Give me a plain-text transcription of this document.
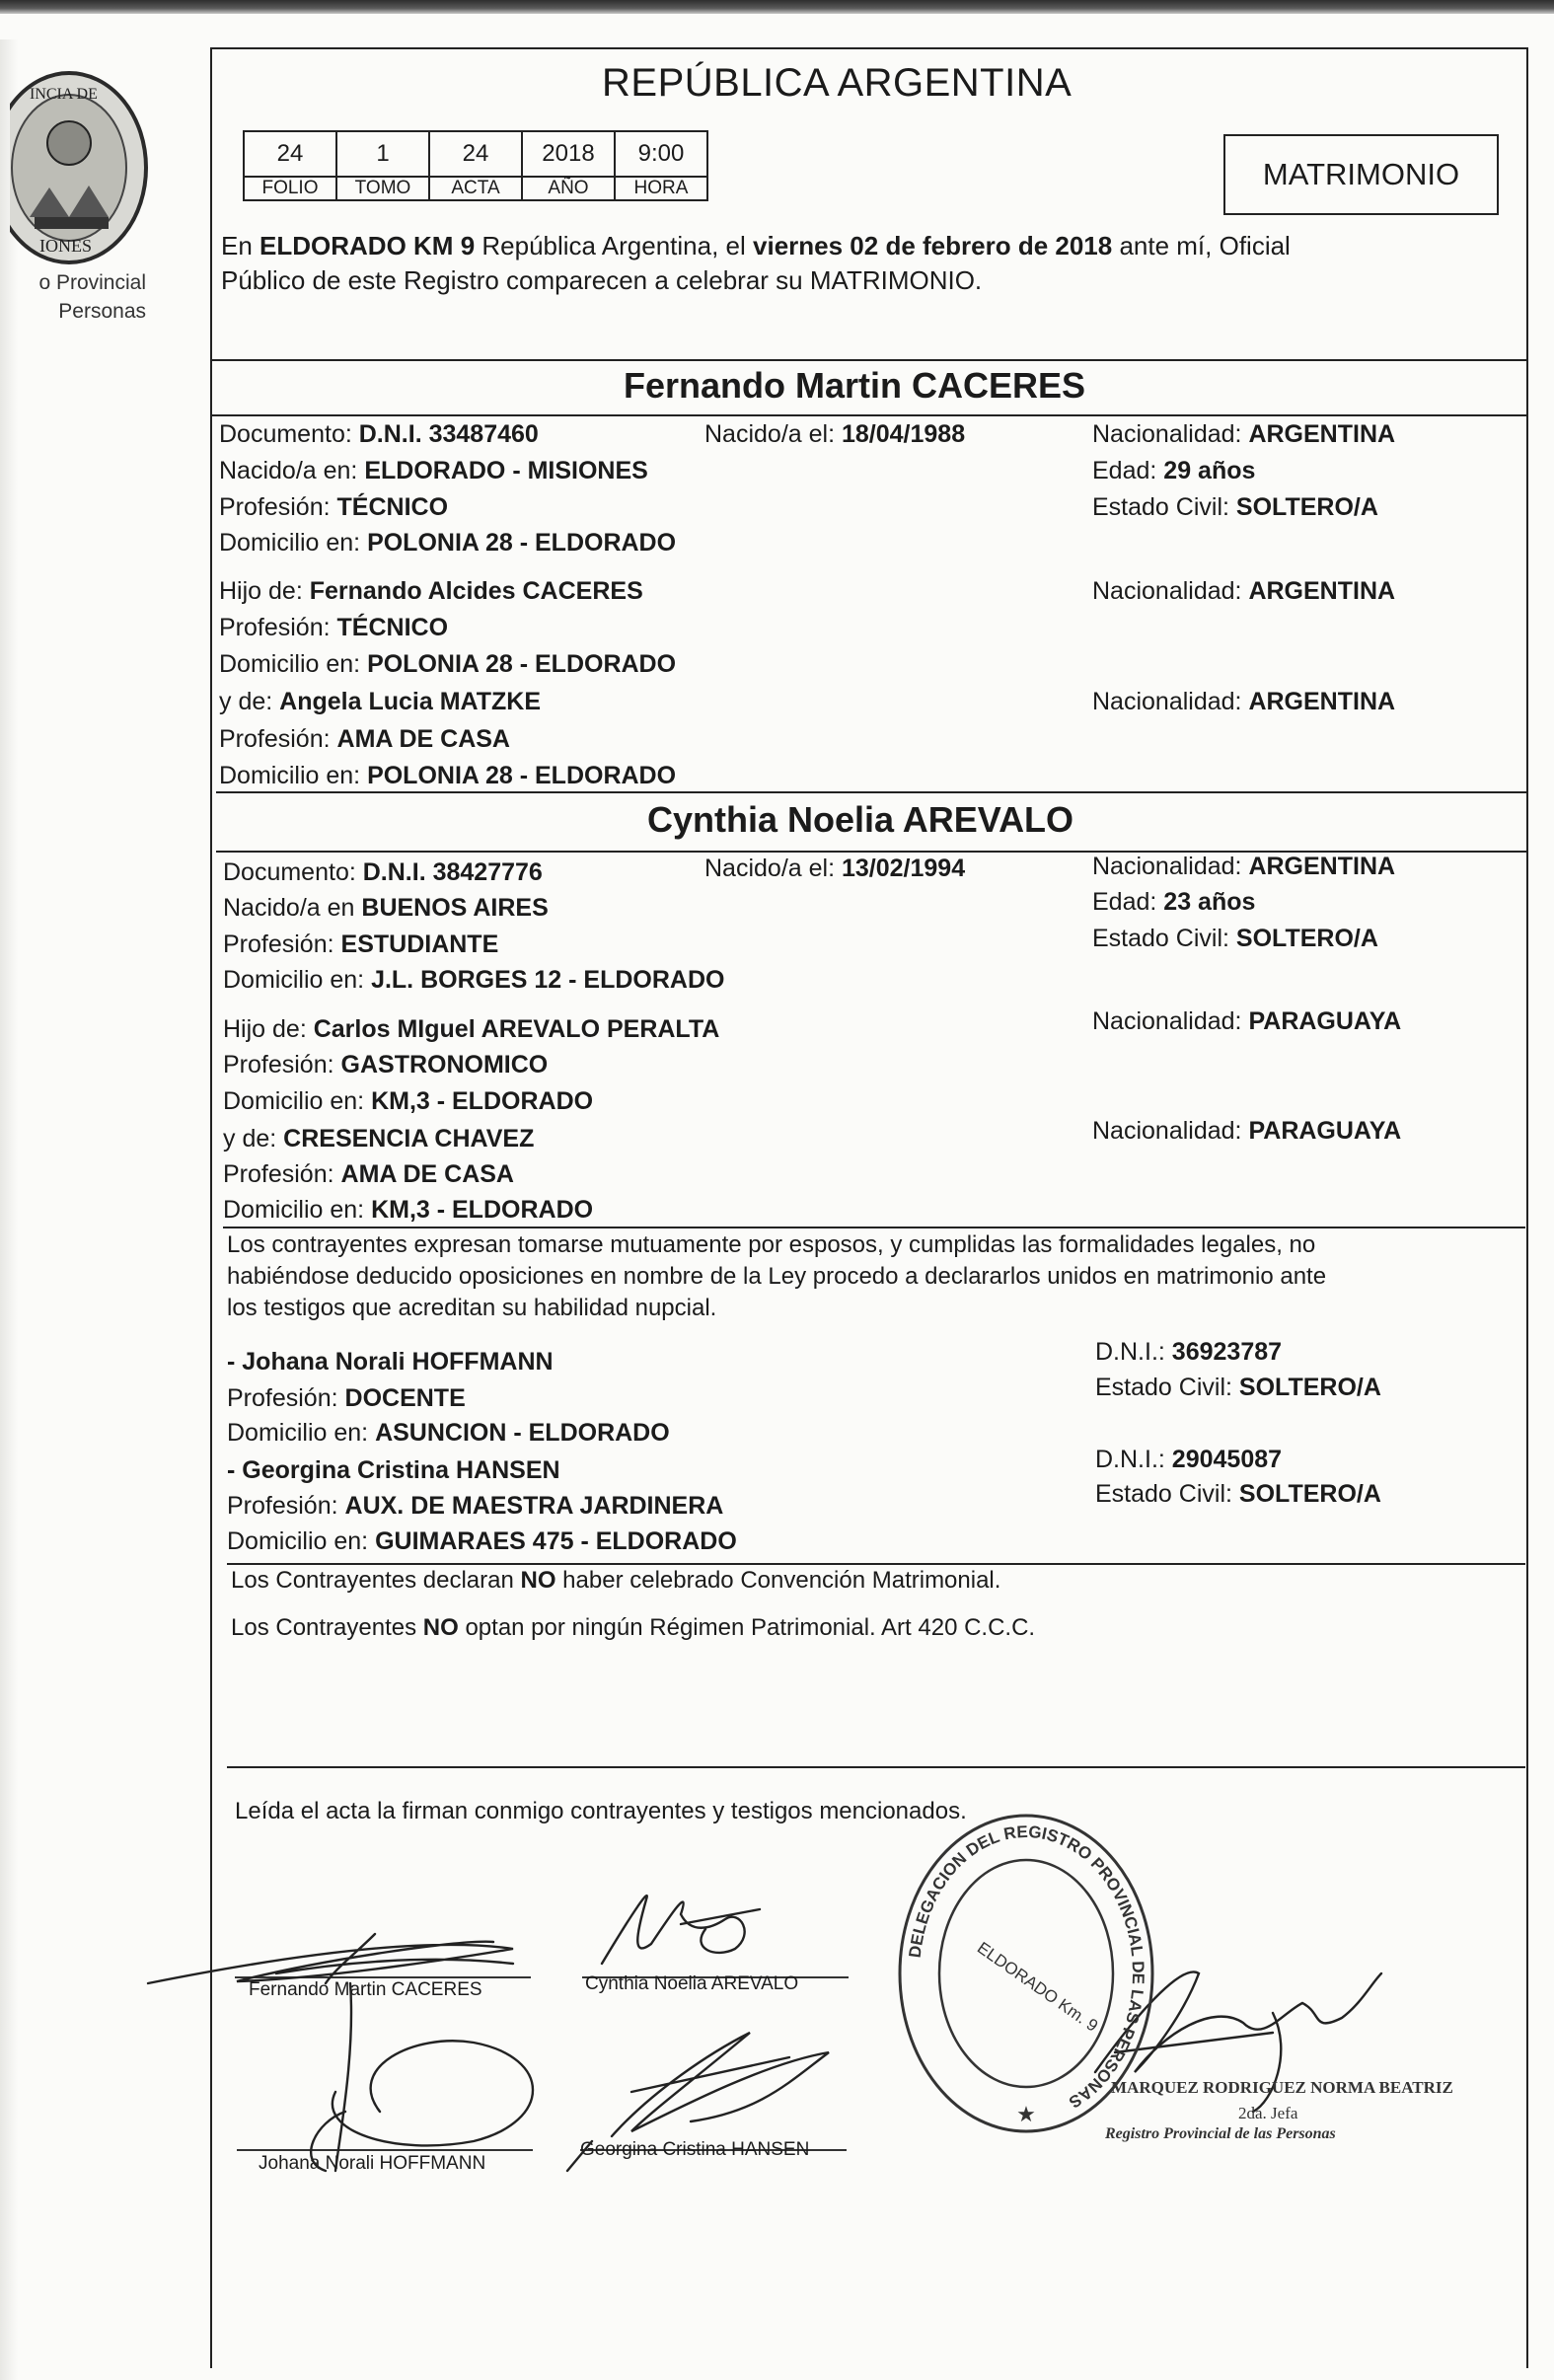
INCIA DE
IONES
o Provincial
Personas
REPÚBLICA ARGENTINA
24	1	24	2018	9:00
FOLIO	TOMO	ACTA	AÑO	HORA	MATRIMONIO
En ELDORADO KM 9 República Argentina, el viernes 02 de febrero de 2018 ante mí, Oficial
Público de este Registro comparecen a celebrar su MATRIMONIO.
Fernando Martin CACERES
Documento: D.N.I. 33487460	Nacido/a el: 18/04/1988	Nacionalidad: ARGENTINA
Nacido/a en: ELDORADO - MISIONES	Edad: 29 años
Profesión: TÉCNICO	Estado Civil: SOLTERO/A
Domicilio en: POLONIA 28 - ELDORADO
Hijo de: Fernando Alcides CACERES	Nacionalidad: ARGENTINA
Profesión: TÉCNICO
Domicilio en: POLONIA 28 - ELDORADO
y de: Angela Lucia MATZKE	Nacionalidad: ARGENTINA
Profesión: AMA DE CASA
Domicilio en: POLONIA 28 - ELDORADO
Cynthia Noelia AREVALO
Documento: D.N.I. 38427776	Nacido/a el: 13/02/1994	Nacionalidad: ARGENTINA
Nacido/a en BUENOS AIRES	Edad: 23 años
Profesión: ESTUDIANTE	Estado Civil: SOLTERO/A
Domicilio en: J.L. BORGES 12 - ELDORADO
Hijo de: Carlos MIguel AREVALO PERALTA	Nacionalidad: PARAGUAYA
Profesión: GASTRONOMICO
Domicilio en: KM,3 - ELDORADO
y de: CRESENCIA CHAVEZ	Nacionalidad: PARAGUAYA
Profesión: AMA DE CASA
Domicilio en: KM,3 - ELDORADO
Los contrayentes expresan tomarse mutuamente por esposos, y cumplidas las formalidades legales, no
habiéndose deducido oposiciones en nombre de la Ley procedo a declararlos unidos en matrimonio ante
los testigos que acreditan su habilidad nupcial.
- Johana Norali HOFFMANN	D.N.I.: 36923787
Profesión: DOCENTE	Estado Civil: SOLTERO/A
Domicilio en: ASUNCION - ELDORADO
- Georgina Cristina HANSEN	D.N.I.: 29045087
Profesión: AUX. DE MAESTRA JARDINERA	Estado Civil: SOLTERO/A
Domicilio en: GUIMARAES 475 - ELDORADO
Los Contrayentes declaran NO haber celebrado Convención Matrimonial.
Los Contrayentes NO optan por ningún Régimen Patrimonial. Art 420 C.C.C.
Leída el acta la firman conmigo contrayentes y testigos mencionados.
Fernando Martin CACERES	Cynthia Noelia AREVALO
Johana Norali HOFFMANN
Georgina Cristina HANSEN
DELEGACION DEL REGISTRO PROVINCIAL DE LAS PERSONAS
ELDORADO Km. 9
★
MARQUEZ RODRIGUEZ NORMA BEATRIZ
2da. Jefa
Registro Provincial de las Personas
